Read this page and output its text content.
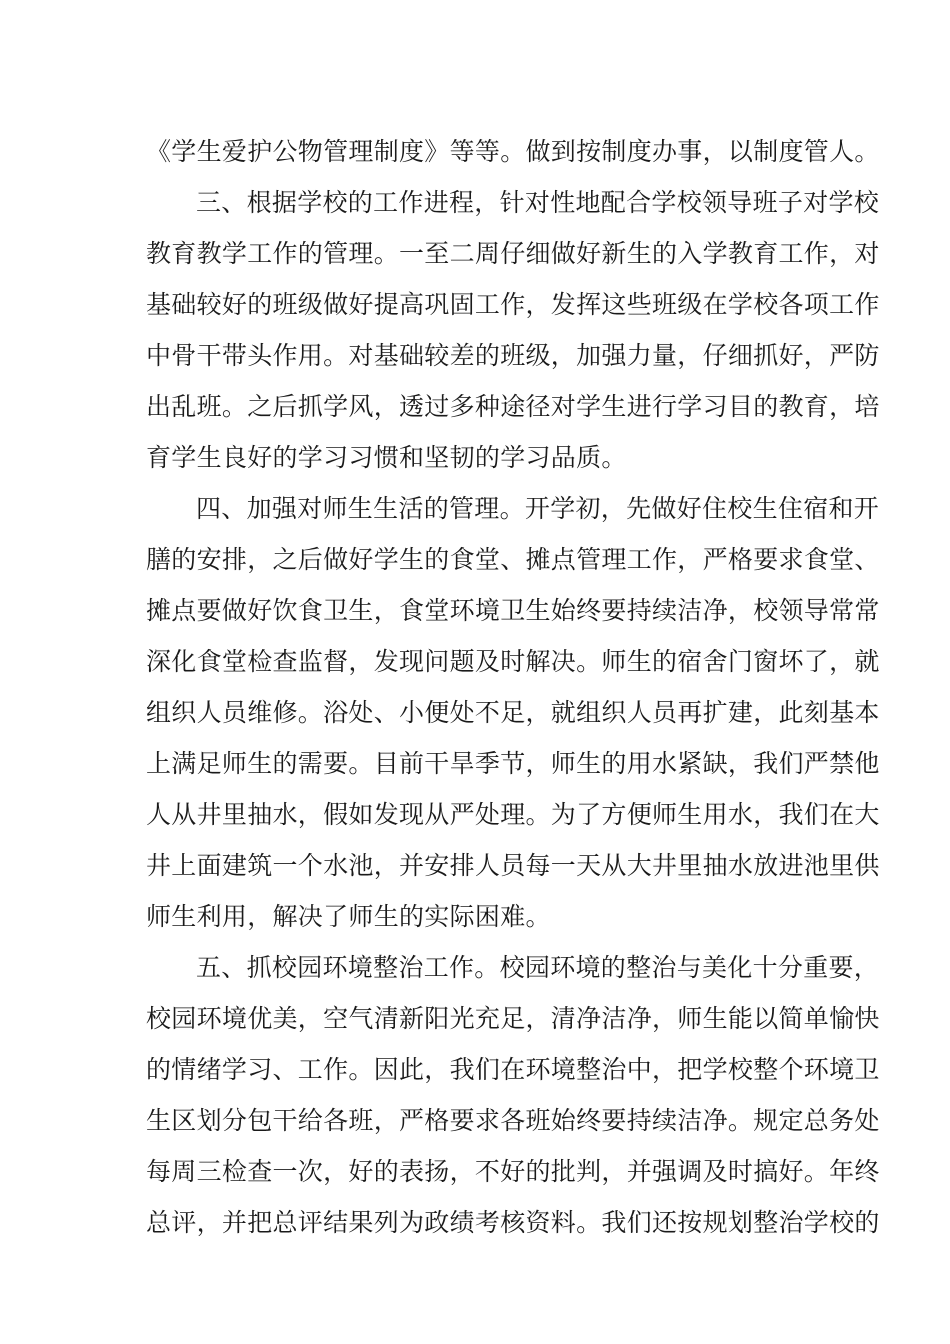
《学生爱护公物管理制度》等等。做到按制度办事，以制度管人。
三、根据学校的工作进程，针对性地配合学校领导班子对学校
教育教学工作的管理。一至二周仔细做好新生的入学教育工作，对
基础较好的班级做好提高巩固工作，发挥这些班级在学校各项工作
中骨干带头作用。对基础较差的班级，加强力量，仔细抓好，严防
出乱班。之后抓学风，透过多种途径对学生进行学习目的教育，培
育学生良好的学习习惯和坚韧的学习品质。
四、加强对师生生活的管理。开学初，先做好住校生住宿和开
膳的安排，之后做好学生的食堂、摊点管理工作，严格要求食堂、
摊点要做好饮食卫生，食堂环境卫生始终要持续洁净，校领导常常
深化食堂检查监督，发现问题及时解决。师生的宿舍门窗坏了，就
组织人员维修。浴处、小便处不足，就组织人员再扩建，此刻基本
上满足师生的需要。目前干旱季节，师生的用水紧缺，我们严禁他
人从井里抽水，假如发现从严处理。为了方便师生用水，我们在大
井上面建筑一个水池，并安排人员每一天从大井里抽水放进池里供
师生利用，解决了师生的实际困难。
五、抓校园环境整治工作。校园环境的整治与美化十分重要，
校园环境优美，空气清新阳光充足，清净洁净，师生能以简单愉快
的情绪学习、工作。因此，我们在环境整治中，把学校整个环境卫
生区划分包干给各班，严格要求各班始终要持续洁净。规定总务处
每周三检查一次，好的表扬，不好的批判，并强调及时搞好。年终
总评，并把总评结果列为政绩考核资料。我们还按规划整治学校的
